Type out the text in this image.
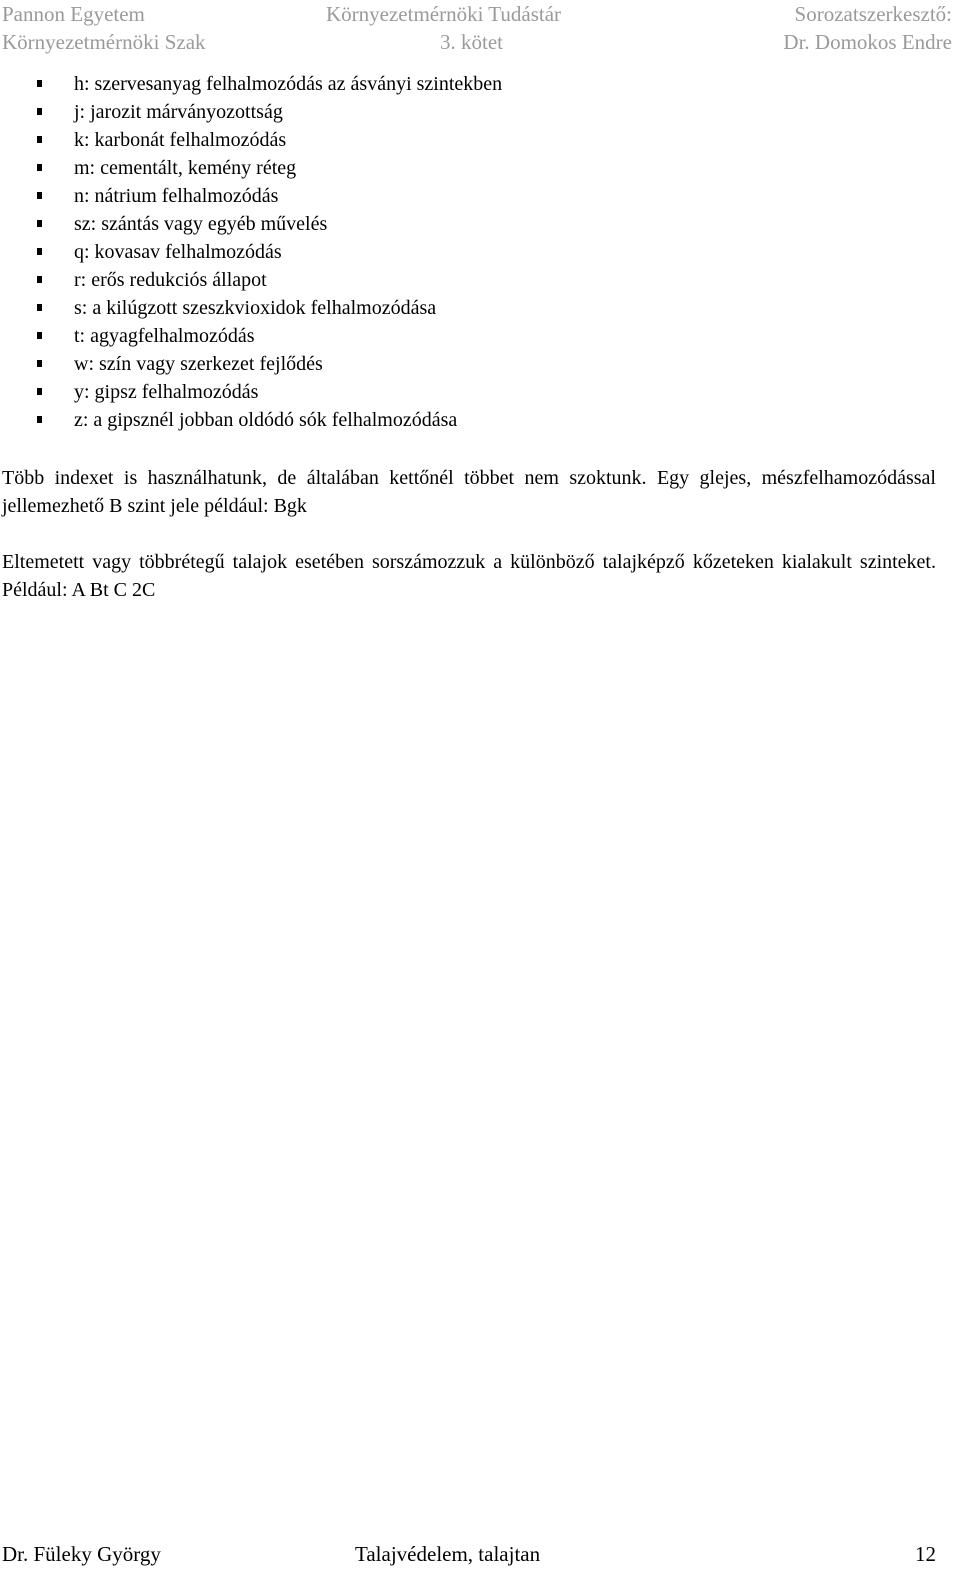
Pannon Egyetem
Környezetmérnöki Szak
Környezetmérnöki Tudástár
3. kötet
Sorozatszerkesztő:
Dr. Domokos Endre
h: szervesanyag felhalmozódás az ásványi szintekben
j: jarozit márványozottság
k: karbonát felhalmozódás
m: cementált, kemény réteg
n: nátrium felhalmozódás
sz: szántás vagy egyéb művelés
q: kovasav felhalmozódás
r: erős redukciós állapot
s: a kilúgzott szeszkvioxidok felhalmozódása
t: agyagfelhalmozódás
w: szín vagy szerkezet fejlődés
y: gipsz felhalmozódás
z: a gipsznél jobban oldódó sók felhalmozódása

Több indexet is használhatunk, de általában kettőnél többet nem szoktunk. Egy glejes, mészfelhamozódással jellemezhető B szint jele például: Bgk

Eltemetett vagy többrétegű talajok esetében sorszámozzuk a különböző talajképző kőzeteken kialakult szinteket. Például: A Bt C 2C

Dr. Füleky György	Talajvédelem, talajtan	12
